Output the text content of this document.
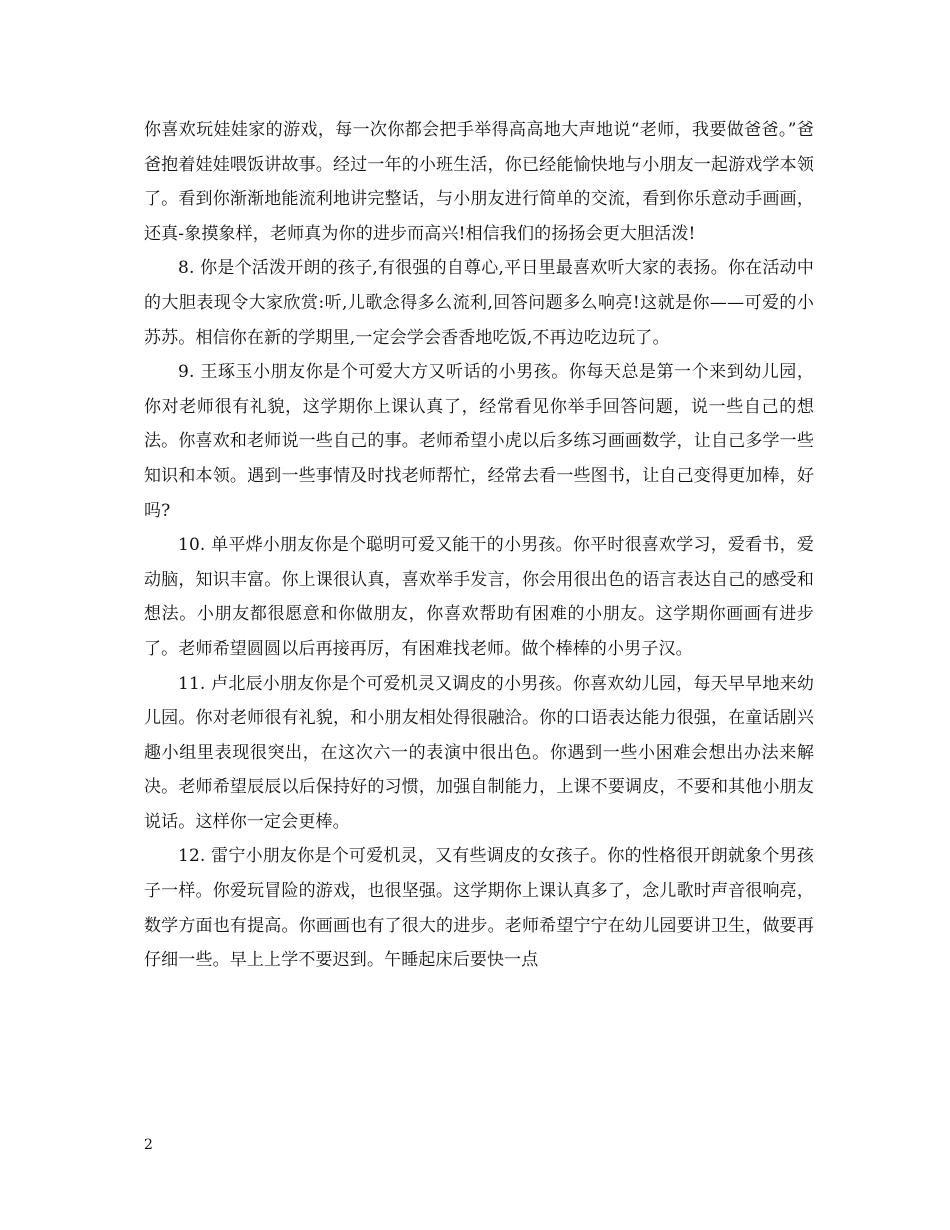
你喜欢玩娃娃家的游戏，每一次你都会把手举得高高地大声地说“老师，我要做爸爸。”爸爸抱着娃娃喂饭讲故事。经过一年的小班生活，你已经能愉快地与小朋友一起游戏学本领了。看到你渐渐地能流利地讲完整话，与小朋友进行简单的交流，看到你乐意动手画画，还真-象摸象样，老师真为你的进步而高兴!相信我们的扬扬会更大胆活泼!

8. 你是个活泼开朗的孩子,有很强的自尊心,平日里最喜欢听大家的表扬。你在活动中的大胆表现令大家欣赏:听,儿歌念得多么流利,回答问题多么响亮!这就是你——可爱的小苏苏。相信你在新的学期里,一定会学会香香地吃饭,不再边吃边玩了。

9. 王琢玉小朋友你是个可爱大方又听话的小男孩。你每天总是第一个来到幼儿园，你对老师很有礼貌，这学期你上课认真了，经常看见你举手回答问题，说一些自己的想法。你喜欢和老师说一些自己的事。老师希望小虎以后多练习画画数学，让自己多学一些知识和本领。遇到一些事情及时找老师帮忙，经常去看一些图书，让自己变得更加棒，好吗?

10. 单平烨小朋友你是个聪明可爱又能干的小男孩。你平时很喜欢学习，爱看书，爱动脑，知识丰富。你上课很认真，喜欢举手发言，你会用很出色的语言表达自己的感受和想法。小朋友都很愿意和你做朋友，你喜欢帮助有困难的小朋友。这学期你画画有进步了。老师希望圆圆以后再接再厉，有困难找老师。做个棒棒的小男子汉。

11. 卢北辰小朋友你是个可爱机灵又调皮的小男孩。你喜欢幼儿园，每天早早地来幼儿园。你对老师很有礼貌，和小朋友相处得很融洽。你的口语表达能力很强，在童话剧兴趣小组里表现很突出，在这次六一的表演中很出色。你遇到一些小困难会想出办法来解决。老师希望辰辰以后保持好的习惯，加强自制能力，上课不要调皮，不要和其他小朋友说话。这样你一定会更棒。

12. 雷宁小朋友你是个可爱机灵，又有些调皮的女孩子。你的性格很开朗就象个男孩子一样。你爱玩冒险的游戏，也很坚强。这学期你上课认真多了，念儿歌时声音很响亮，数学方面也有提高。你画画也有了很大的进步。老师希望宁宁在幼儿园要讲卫生，做要再仔细一些。早上上学不要迟到。午睡起床后要快一点

2
